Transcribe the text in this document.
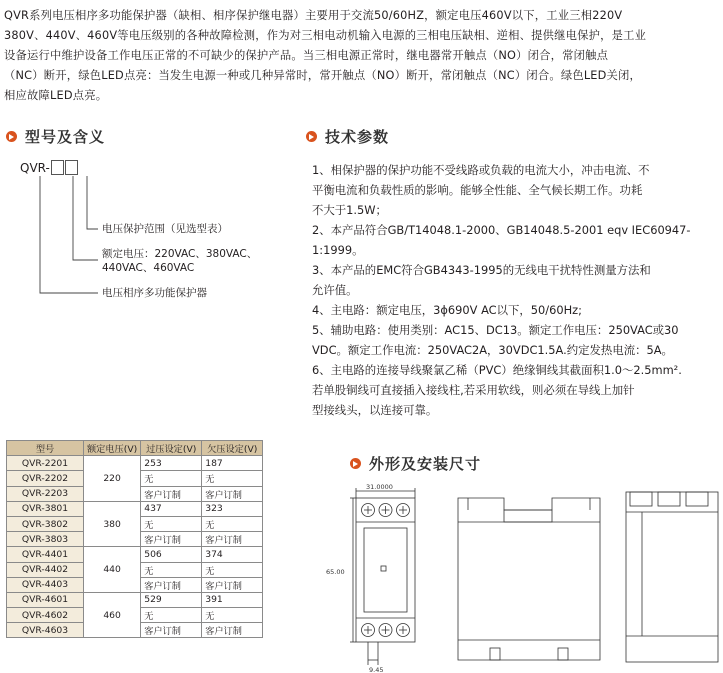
QVR系列电压相序多功能保护器（缺相、相序保护继电器）主要用于交流50/60HZ，额定电压460V以下，工业三相220V

380V、440V、460V等电压级别的各种故障检测，作为对三相电动机输入电源的三相电压缺相、逆相、提供继电保护，是工业

设备运行中维护设备工作电压正常的不可缺少的保护产品。当三相电源正常时，继电器常开触点（NO）闭合，常闭触点

（NC）断开，绿色LED点亮：当发生电源一种或几种异常时，常开触点（NO）断开，常闭触点（NC）闭合。绿色LED关闭，

相应故障LED点亮。

型号及含义
QVR-
电压保护范围（见选型表）
额定电压：220VAC、380VAC、
440VAC、460VAC
电压相序多功能保护器
技术参数

1、相保护器的保护功能不受线路或负载的电流大小，冲击电流、不

平衡电流和负载性质的影响。能够全性能、全气候长期工作。功耗

不大于1.5W；

2、本产品符合GB/T14048.1-2000、GB14048.5-2001 eqv IEC60947-

1:1999。

3、本产品的EMC符合GB4343-1995的无线电干扰特性测量方法和

允许值。

4、主电路：额定电压，3ϕ690V AC以下，50/60Hz;

5、辅助电路：使用类别：AC15、DC13。额定工作电压：250VAC或30

VDC。额定工作电流：250VAC2A，30VDC1.5A.约定发热电流：5A。

6、主电路的连接导线聚氯乙稀（PVC）绝缘铜线其截面积1.0～2.5mm².

若单股铜线可直接插入接线柱,若采用软线，则必须在导线上加针

型接线头，以连接可靠。

型号	额定电压(V)	过压设定(V)	欠压设定(V)
QVR-2201	220	253	187
QVR-2202		无	无
QVR-2203		客户订制	客户订制
QVR-3801	380	437	323
QVR-3802		无	无
QVR-3803		客户订制	客户订制
QVR-4401	440	506	374
QVR-4402		无	无
QVR-4403		客户订制	客户订制
QVR-4601	460	529	391
QVR-4602		无	无
QVR-4603		客户订制	客户订制
外形及安装尺寸
31.0000
65.00
9.45
